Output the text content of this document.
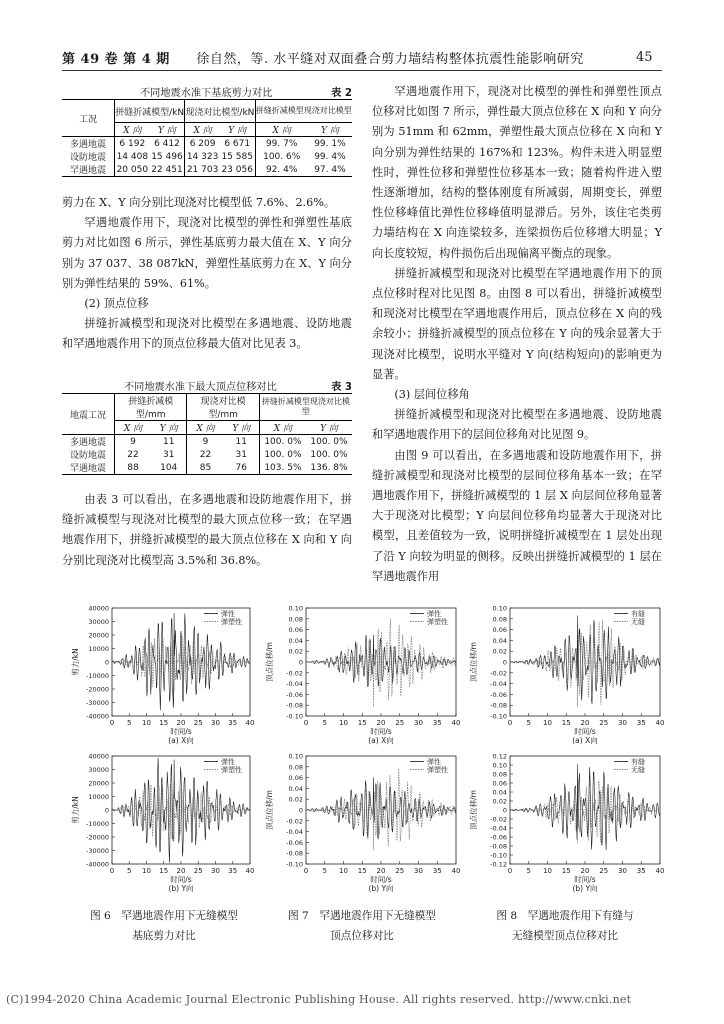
第 49 卷 第 4 期 徐自然，等. 水平缝对双面叠合剪力墙结构整体抗震性能影响研究	45
不同地震水准下基底剪力对比	表 2
工况	拼缝折减模型/kN		现浇对比模型/kN		拼缝折减模型现浇对比模型	
	X 向	Y 向	X 向	Y 向	X 向	Y 向
多遇地震	6 192	6 412	6 209	6 671	99. 7%	99. 1%
设防地震	14 408	15 496	14 323	15 585	100. 6%	99. 4%
罕遇地震	20 050	22 451	21 703	23 056	92. 4%	97. 4%

剪力在 X、Y 向分别比现浇对比模型低 7.6%、2.6%。

罕遇地震作用下，现浇对比模型的弹性和弹塑性基底剪力对比如图 6 所示，弹性基底剪力最大值在 X、Y 向分别为 37 037、38 087kN，弹塑性基底剪力在 X、Y 向分别为弹性结果的 59%、61%。

(2) 顶点位移

拼缝折减模型和现浇对比模型在多遇地震、设防地震和罕遇地震作用下的顶点位移最大值对比见表 3。

不同地震水准下最大顶点位移对比	表 3
地震工况	拼缝折减模型/mm		现浇对比模型/mm		拼缝折减模型现浇对比模型	
	X 向	Y 向	X 向	Y 向	X 向	Y 向
多遇地震	9	11	9	11	100. 0%	100. 0%
设防地震	22	31	22	31	100. 0%	100. 0%
罕遇地震	88	104	85	76	103. 5%	136. 8%

由表 3 可以看出，在多遇地震和设防地震作用下，拼缝折减模型与现浇对比模型的最大顶点位移一致；在罕遇地震作用下，拼缝折减模型的最大顶点位移在 X 向和 Y 向分别比现浇对比模型高 3.5%和 36.8%。

罕遇地震作用下，现浇对比模型的弹性和弹塑性顶点位移对比如图 7 所示，弹性最大顶点位移在 X 向和 Y 向分别为 51mm 和 62mm，弹塑性最大顶点位移在 X 向和 Y 向分别为弹性结果的 167%和 123%。构件未进入明显塑性时，弹性位移和弹塑性位移基本一致；随着构件进入塑性逐渐增加，结构的整体刚度有所减弱，周期变长，弹塑性位移峰值比弹性位移峰值明显滞后。另外，该住宅类剪力墙结构在 X 向连梁较多，连梁损伤后位移增大明显；Y 向长度较短，构件损伤后出现偏离平衡点的现象。

拼缝折减模型和现浇对比模型在罕遇地震作用下的顶点位移时程对比见图 8。由图 8 可以看出，拼缝折减模型和现浇对比模型在罕遇地震作用后，顶点位移在 X 向的残余较小；拼缝折减模型的顶点位移在 Y 向的残余显著大于现浇对比模型，说明水平缝对 Y 向(结构短向)的影响更为显著。

(3) 层间位移角

拼缝折减模型和现浇对比模型在多遇地震、设防地震和罕遇地震作用下的层间位移角对比见图 9。

由图 9 可以看出，在多遇地震和设防地震作用下，拼缝折减模型和现浇对比模型的层间位移角基本一致；在罕遇地震作用下，拼缝折减模型的 1 层 X 向层间位移角显著大于现浇对比模型；Y 向层间位移角均显著大于现浇对比模型，且差值较为一致，说明拼缝折减模型在 1 层处出现了沿 Y 向较为明显的侧移。反映出拼缝折减模型的 1 层在罕遇地震作用

40000
30000
20000
10000
0
-10000
-20000
-30000
-40000
0 5 10 15 20 25 30 35 40
弹性
弹塑性
时间/s
(a) X向
剪力/kN
40000
30000
20000
10000
0
-10000
-20000
-30000
-40000
0 5 10 15 20 25 30 35 40
弹性
弹塑性
时间/s
(b) Y向
剪力/kN
0.10
0.08
0.06
0.04
0.02
0
-0.02
-0.04
-0.06
-0.08
-0.10
0 5 10 15 20 25 30 35 40
弹性
弹塑性
时间/s
(a) X向
顶点位移/m
0.10
0.08
0.06
0.04
0.02
0
-0.02
-0.04
-0.06
-0.08
-0.10
0 5 10 15 20 25 30 35 40
弹性
弹塑性
时间/s
(b) Y向
顶点位移/m
0.10
0.08
0.06
0.04
0.02
0
-0.02
-0.04
-0.06
-0.08
-0.10
0 5 10 15 20 25 30 35 40
有缝
无缝
时间/s
(a) X向
顶点位移/m
0.12
0.10
0.08
0.06
0.04
0.02
0
-0.02
-0.04
-0.06
-0.08
-0.10
-0.12
0 5 10 15 20 25 30 35 40
有缝
无缝
时间/s
(b) Y向
顶点位移/m
图 6　罕遇地震作用下无缝模型
基底剪力对比
图 7　罕遇地震作用下无缝模型
顶点位移对比
图 8　罕遇地震作用下有缝与
无缝模型顶点位移对比
(C)1994-2020 China Academic Journal Electronic Publishing House. All rights reserved. http://www.cnki.net
